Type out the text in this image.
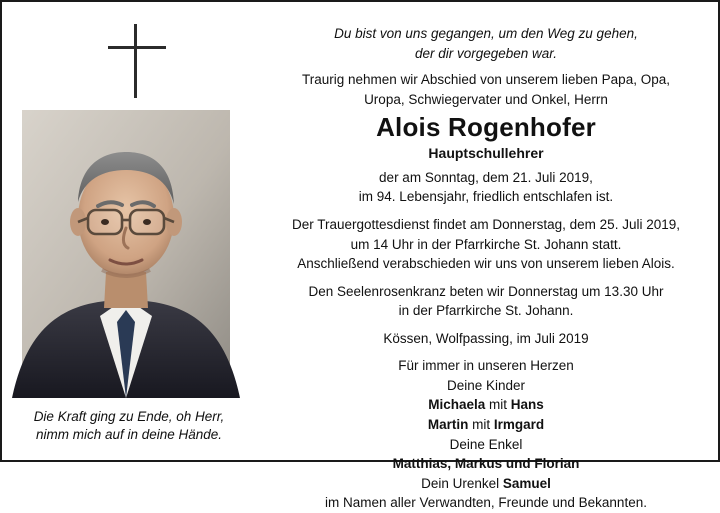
Die Kraft ging zu Ende, oh Herr,
nimm mich auf in deine Hände.
Du bist von uns gegangen, um den Weg zu gehen,
der dir vorgegeben war.
Traurig nehmen wir Abschied von unserem lieben Papa, Opa,
Uropa, Schwiegervater und Onkel, Herrn
Alois Rogenhofer
Hauptschullehrer
der am Sonntag, dem 21. Juli 2019,
im 94. Lebensjahr, friedlich entschlafen ist.
Der Trauergottesdienst findet am Donnerstag, dem 25. Juli 2019,
um 14 Uhr in der Pfarrkirche St. Johann statt.
Anschließend verabschieden wir uns von unserem lieben Alois.
Den Seelenrosenkranz beten wir Donnerstag um 13.30 Uhr
in der Pfarrkirche St. Johann.
Kössen, Wolfpassing, im Juli 2019
Für immer in unseren Herzen
Deine Kinder
Michaela mit Hans
Martin mit Irmgard
Deine Enkel
Matthias, Markus und Florian
Dein Urenkel Samuel
im Namen aller Verwandten, Freunde und Bekannten.
